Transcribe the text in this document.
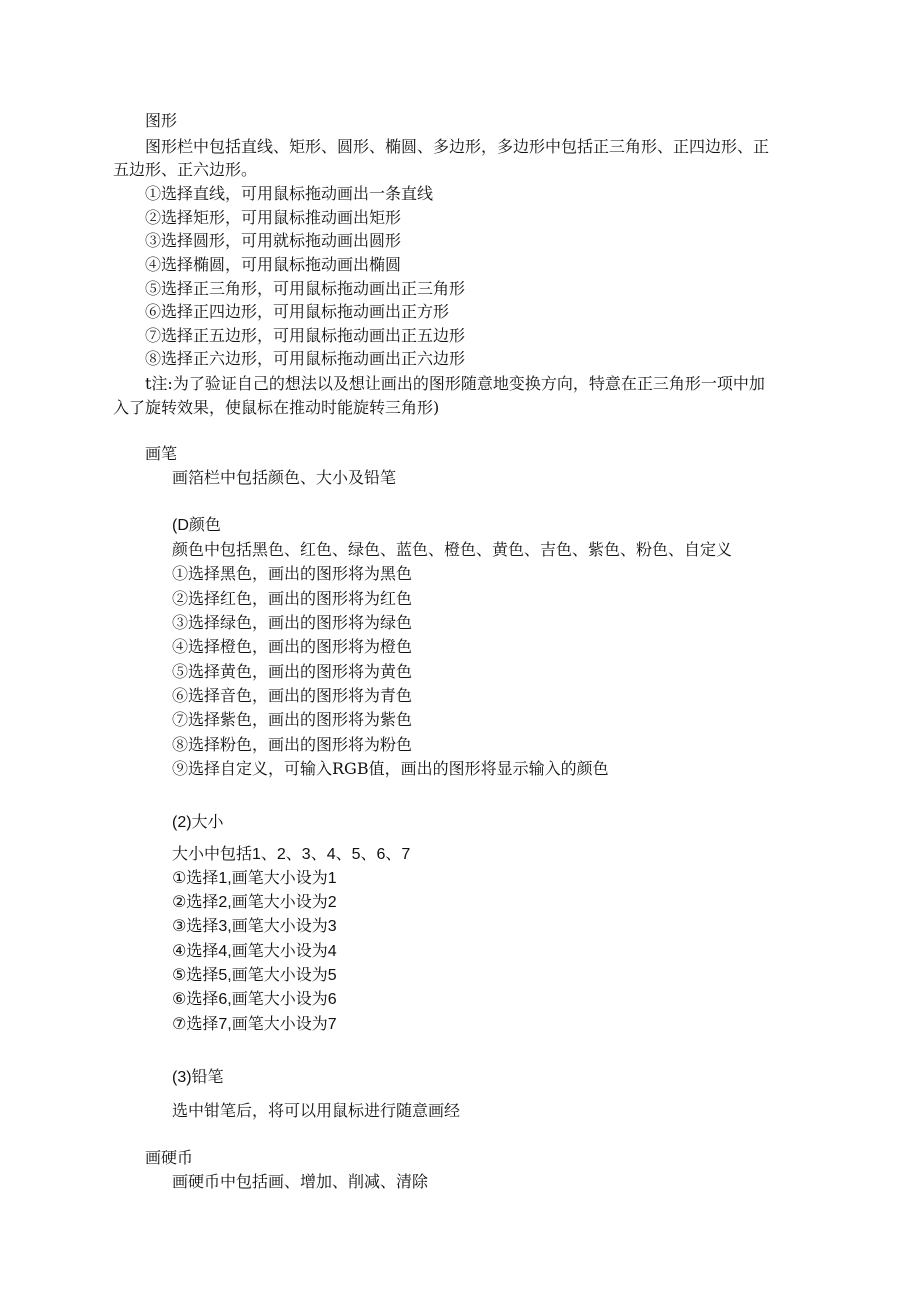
图形
图形栏中包括直线、矩形、圆形、椭圆、多边形，多边形中包括正三角形、正四边形、正
五边形、正六边形。
①选择直线，可用鼠标拖动画出一条直线
②选择矩形，可用鼠标推动画出矩形
③选择圆形，可用就标拖动画出圆形
④选择椭圆，可用鼠标拖动画出椭圆
⑤选择正三角形，可用鼠标拖动画出正三角形
⑥选择正四边形，可用鼠标拖动画出正方形
⑦选择正五边形，可用鼠标拖动画出正五边形
⑧选择正六边形，可用鼠标拖动画出正六边形
t注:为了验证自己的想法以及想让画出的图形随意地变换方向，特意在正三角形一项中加
入了旋转效果，使鼠标在推动时能旋转三角形)
画笔
画箔栏中包括颜色、大小及铅笔
(D颜色
颜色中包括黑色、红色、绿色、蓝色、橙色、黄色、吉色、紫色、粉色、自定义
①选择黑色，画出的图形将为黑色
②选择红色，画出的图形将为红色
③选择绿色，画出的图形将为绿色
④选择橙色，画出的图形将为橙色
⑤选择黄色，画出的图形将为黄色
⑥选择音色，画出的图形将为青色
⑦选择紫色，画出的图形将为紫色
⑧选择粉色，画出的图形将为粉色
⑨选择自定义，可输入RGB值，画出的图形将显示输入的颜色
(2)大小
大小中包括1、2、3、4、5、6、7
①选择1,画笔大小设为1
②选择2,画笔大小设为2
③选择3,画笔大小设为3
④选择4,画笔大小设为4
⑤选择5,画笔大小设为5
⑥选择6,画笔大小设为6
⑦选择7,画笔大小设为7
(3)铅笔
选中钳笔后，将可以用鼠标进行随意画经
画硬币
画硬币中包括画、增加、削减、清除
